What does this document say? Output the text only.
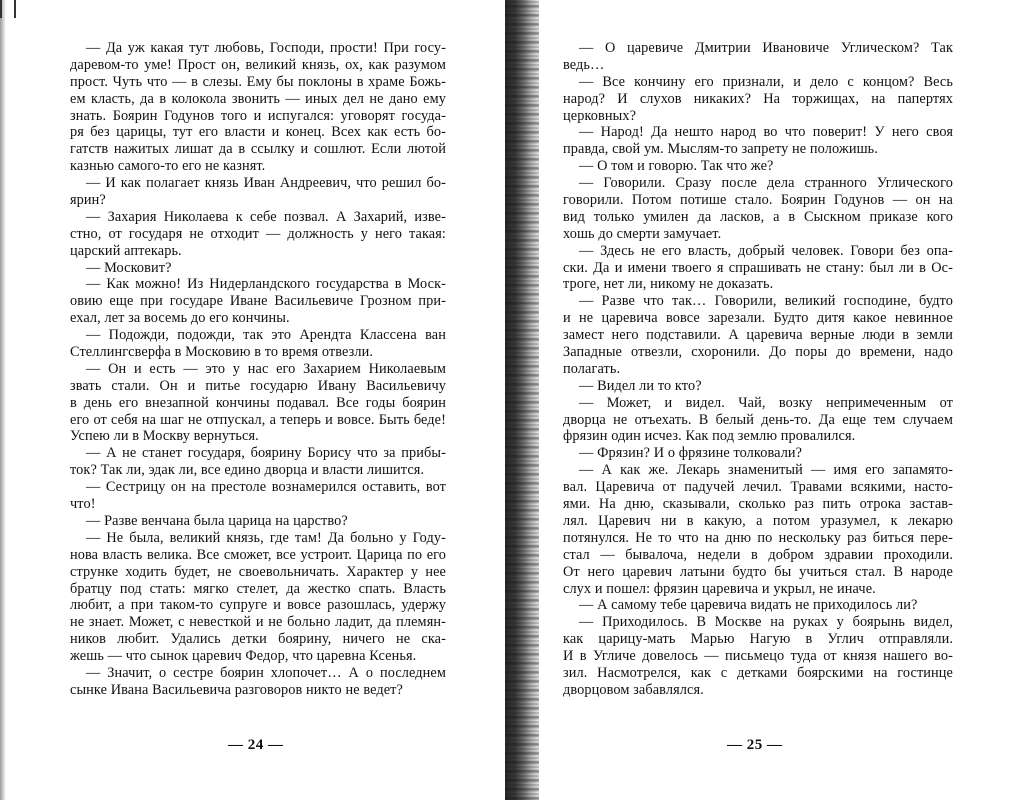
— Да уж какая тут любовь, Господи, прости! При госу-
даревом-то уме! Прост он, великий князь, ох, как разумом
прост. Чуть что — в слезы. Ему бы поклоны в храме Божь-
ем класть, да в колокола звонить — иных дел не дано ему
знать. Боярин Годунов того и испугался: уговорят госуда-
ря без царицы, тут его власти и конец. Всех как есть бо-
гатств нажитых лишат да в ссылку и сошлют. Если лютой
казнью самого-то его не казнят.
— И как полагает князь Иван Андреевич, что решил бо-
ярин?
— Захария Николаева к себе позвал. А Захарий, изве-
стно, от государя не отходит — должность у него такая:
царский аптекарь.
— Московит?
— Как можно! Из Нидерландского государства в Моск-
овию еще при государе Иване Васильевиче Грозном при-
ехал, лет за восемь до его кончины.
— Подожди, подожди, так это Арендта Классена ван
Стеллингсверфа в Московию в то время отвезли.
— Он и есть — это у нас его Захарием Николаевым
звать стали. Он и питье государю Ивану Васильевичу
в день его внезапной кончины подавал. Все годы боярин
его от себя на шаг не отпускал, а теперь и вовсе. Быть беде!
Успею ли в Москву вернуться.
— А не станет государя, боярину Борису что за прибы-
ток? Так ли, эдак ли, все едино дворца и власти лишится.
— Сестрицу он на престоле вознамерился оставить, вот
что!
— Разве венчана была царица на царство?
— Не была, великий князь, где там! Да больно у Году-
нова власть велика. Все сможет, все устроит. Царица по его
струнке ходить будет, не своевольничать. Характер у нее
братцу под стать: мягко стелет, да жестко спать. Власть
любит, а при таком-то супруге и вовсе разошлась, удержу
не знает. Может, с невесткой и не больно ладит, да племян-
ников любит. Удались детки боярину, ничего не ска-
жешь — что сынок царевич Федор, что царевна Ксенья.
— Значит, о сестре боярин хлопочет… А о последнем
сынке Ивана Васильевича разговоров никто не ведет?
— 24 —
— О царевиче Дмитрии Ивановиче Углическом? Так
ведь…
— Все кончину его признали, и дело с концом? Весь
народ? И слухов никаких? На торжищах, на папертях
церковных?
— Народ! Да нешто народ во что поверит! У него своя
правда, свой ум. Мыслям-то запрету не положишь.
— О том и говорю. Так что же?
— Говорили. Сразу после дела странного Углического
говорили. Потом потише стало. Боярин Годунов — он на
вид только умилен да ласков, а в Сыскном приказе кого
хошь до смерти замучает.
— Здесь не его власть, добрый человек. Говори без опа-
ски. Да и имени твоего я спрашивать не стану: был ли в Ос-
троге, нет ли, никому не доказать.
— Разве что так… Говорили, великий господине, будто
и не царевича вовсе зарезали. Будто дитя какое невинное
замест него подставили. А царевича верные люди в земли
Западные отвезли, схоронили. До поры до времени, надо
полагать.
— Видел ли то кто?
— Может, и видел. Чай, возку непримеченным от
дворца не отъехать. В белый день-то. Да еще тем случаем
фрязин один исчез. Как под землю провалился.
— Фрязин? И о фрязине толковали?
— А как же. Лекарь знаменитый — имя его запамято-
вал. Царевича от падучей лечил. Травами всякими, насто-
ями. На дню, сказывали, сколько раз пить отрока застав-
лял. Царевич ни в какую, а потом уразумел, к лекарю
потянулся. Не то что на дню по нескольку раз биться пере-
стал — бывалоча, недели в добром здравии проходили.
От него царевич латыни будто бы учиться стал. В народе
слух и пошел: фрязин царевича и укрыл, не иначе.
— А самому тебе царевича видать не приходилось ли?
— Приходилось. В Москве на руках у боярынь видел,
как царицу-мать Марью Нагую в Углич отправляли.
И в Угличе довелось — письмецо туда от князя нашего во-
зил. Насмотрелся, как с детками боярскими на гостинце
дворцовом забавлялся.
— 25 —
